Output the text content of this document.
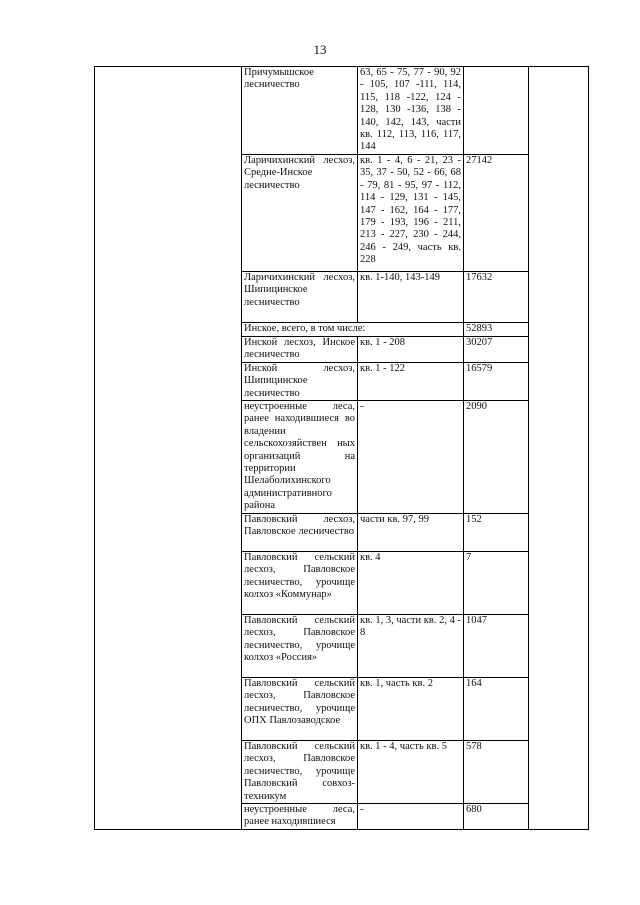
13
	Причумышское лесничество	63, 65 - 75, 77 - 90, 92 - 105, 107 -111, 114, 115, 118 -122, 124 - 128, 130 -136, 138 - 140, 142, 143, части кв. 112, 113, 116, 117, 144		
	Ларичихинский лесхоз, Средне-Инское лесничество	кв. 1 - 4, 6 - 21, 23 - 35, 37 - 50, 52 - 66, 68 - 79, 81 - 95, 97 - 112, 114 - 129, 131 - 145, 147 - 162, 164 - 177, 179 - 193, 196 - 211, 213 - 227, 230 - 244, 246 - 249, часть кв. 228	27142	
	Ларичихинский лесхоз, Шипицинское лесничество	кв. 1-140, 143-149	17632	
	Инское, всего, в том числе:		52893	
	Инской лесхоз, Инское лесничество	кв. 1 - 208	30207	
	Инской лесхоз, Шипицинское лесничество	кв. 1 - 122	16579	
	неустроенные леса, ранее находившиеся во владении сельскохозяйствен ных организаций на территории Шелаболихинского административного района	-	2090	
	Павловский лесхоз, Павловское лесничество	части кв. 97, 99	152	
	Павловский сельский лесхоз, Павловское лесничество, урочище колхоз «Коммунар»	кв. 4	7	
	Павловский сельский лесхоз, Павловское лесничество, урочище колхоз «Россия»	кв. 1, 3, части кв. 2, 4 - 8	1047	
	Павловский сельский лесхоз, Павловское лесничество, урочище ОПХ Павлозаводское	кв. 1, часть кв. 2	164	
	Павловский сельский лесхоз, Павловское лесничество, урочище Павловский совхоз-техникум	кв. 1 - 4, часть кв. 5	578	
	неустроенные леса, ранее находившиеся	-	680	
